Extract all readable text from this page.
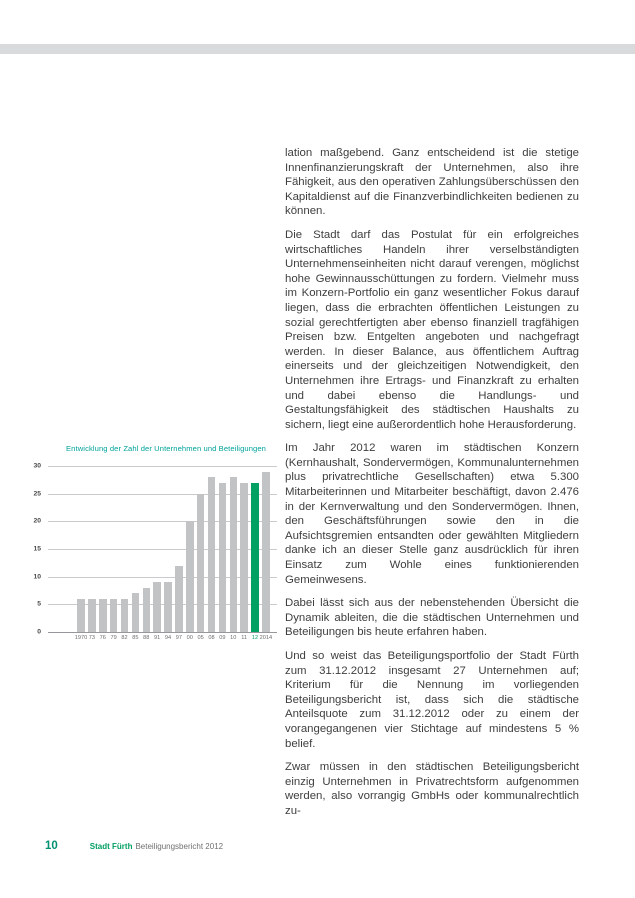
Entwicklung der Zahl der Unternehmen und Beteiligungen
1970 73 76 79 82 85 88 91 94 97 00 05 08 09 10 11 12 2014
0
5
10
15
20
25
30

lation maßgebend. Ganz entscheidend ist die stetige Innenfinanzierungskraft der Unternehmen, also ihre Fähigkeit, aus den operativen Zahlungsüberschüssen den Kapitaldienst auf die Finanzverbindlichkeiten bedienen zu können.

Die Stadt darf das Postulat für ein erfolgreiches wirtschaftliches Handeln ihrer verselbständigten Unternehmenseinheiten nicht darauf verengen, möglichst hohe Gewinnausschüttungen zu fordern. Vielmehr muss im Konzern-Portfolio ein ganz wesentlicher Fokus darauf liegen, dass die erbrachten öffentlichen Leistungen zu sozial gerechtfertigten aber ebenso finanziell tragfähigen Preisen bzw. Entgelten angeboten und nachgefragt werden. In dieser Balance, aus öffentlichem Auftrag einerseits und der gleichzeitigen Notwendigkeit, den Unternehmen ihre Ertrags- und Finanzkraft zu erhalten und dabei ebenso die Handlungs- und Gestaltungsfähigkeit des städtischen Haushalts zu sichern, liegt eine außerordentlich hohe Herausforderung.

Im Jahr 2012 waren im städtischen Konzern (Kernhaushalt, Sondervermögen, Kommunalunternehmen plus privatrechtliche Gesellschaften) etwa 5.300 Mitarbeiterinnen und Mitarbeiter beschäftigt, davon 2.476 in der Kernverwaltung und den Sondervermögen. Ihnen, den Geschäftsführungen sowie den in die Aufsichtsgremien entsandten oder gewählten Mitgliedern danke ich an dieser Stelle ganz ausdrücklich für ihren Einsatz zum Wohle eines funktionierenden Gemeinwesens.

Dabei lässt sich aus der nebenstehenden Übersicht die Dynamik ableiten, die die städtischen Unternehmen und Beteiligungen bis heute erfahren haben.

Und so weist das Beteiligungsportfolio der Stadt Fürth zum 31.12.2012 insgesamt 27 Unternehmen auf; Kriterium für die Nennung im vorliegenden Beteiligungsbericht ist, dass sich die städtische Anteilsquote zum 31.12.2012 oder zu einem der vorangegangenen vier Stichtage auf mindestens 5 % belief.

Zwar müssen in den städtischen Beteiligungsbericht einzig Unternehmen in Privatrechtsform aufgenommen werden, also vorrangig GmbHs oder kommunalrechtlich zu-

10	Stadt Fürth Beteiligungsbericht 2012
